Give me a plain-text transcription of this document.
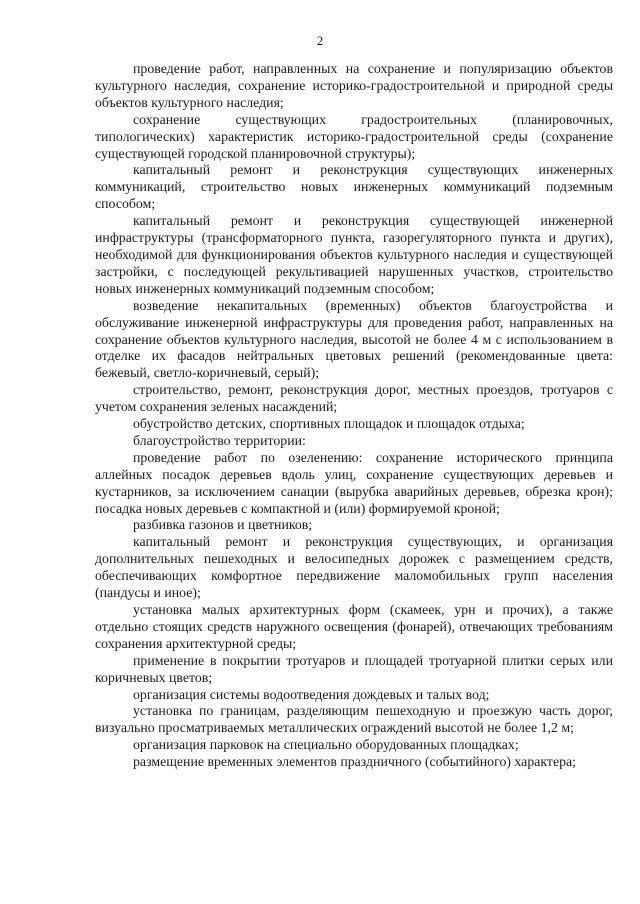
2

проведение работ, направленных на сохранение и популяризацию объектов культурного наследия, сохранение историко-градостроительной и природной среды объектов культурного наследия;

сохранение существующих градостроительных (планировочных, типологических) характеристик историко-градостроительной среды (сохранение существующей городской планировочной структуры);

капитальный ремонт и реконструкция существующих инженерных коммуникаций, строительство новых инженерных коммуникаций подземным способом;

капитальный ремонт и реконструкция существующей инженерной инфраструктуры (трансформаторного пункта, газорегуляторного пункта и других), необходимой для функционирования объектов культурного наследия и существующей застройки, с последующей рекультивацией нарушенных участков, строительство новых инженерных коммуникаций подземным способом;

возведение некапитальных (временных) объектов благоустройства и обслуживание инженерной инфраструктуры для проведения работ, направленных на сохранение объектов культурного наследия, высотой не более 4 м с использованием в отделке их фасадов нейтральных цветовых решений (рекомендованные цвета: бежевый, светло-коричневый, серый);

строительство, ремонт, реконструкция дорог, местных проездов, тротуаров с учетом сохранения зеленых насаждений;

обустройство детских, спортивных площадок и площадок отдыха;

благоустройство территории:

проведение работ по озеленению: сохранение исторического принципа аллейных посадок деревьев вдоль улиц, сохранение существующих деревьев и кустарников, за исключением санации (вырубка аварийных деревьев, обрезка крон); посадка новых деревьев с компактной и (или) формируемой кроной;

разбивка газонов и цветников;

капитальный ремонт и реконструкция существующих, и организация дополнительных пешеходных и велосипедных дорожек с размещением средств, обеспечивающих комфортное передвижение маломобильных групп населения (пандусы и иное);

установка малых архитектурных форм (скамеек, урн и прочих), а также отдельно стоящих средств наружного освещения (фонарей), отвечающих требованиям сохранения архитектурной среды;

применение в покрытии тротуаров и площадей тротуарной плитки серых или коричневых цветов;

организация системы водоотведения дождевых и талых вод;

установка по границам, разделяющим пешеходную и проезжую часть дорог, визуально просматриваемых металлических ограждений высотой не более 1,2 м;

организация парковок на специально оборудованных площадках;

размещение временных элементов праздничного (событийного) характера;
